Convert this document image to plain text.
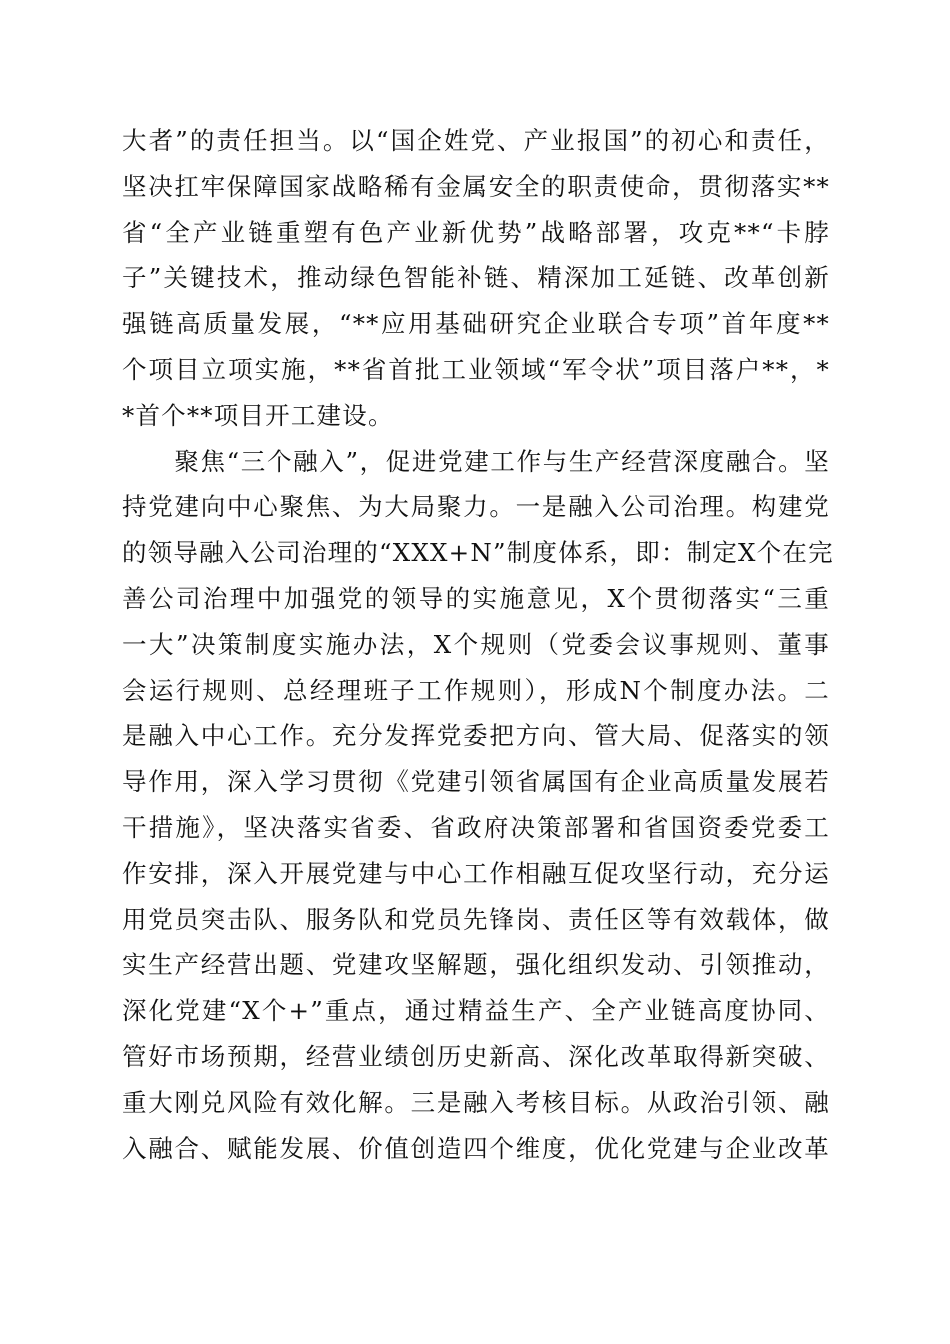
大者”的责任担当。以“国企姓党、产业报国”的初心和责任，
坚决扛牢保障国家战略稀有金属安全的职责使命，贯彻落实**
省“全产业链重塑有色产业新优势”战略部署，攻克**“卡脖
子”关键技术，推动绿色智能补链、精深加工延链、改革创新
强链高质量发展，“**应用基础研究企业联合专项”首年度**
个项目立项实施，**省首批工业领域“军令状”项目落户**，*
*首个**项目开工建设。
　　聚焦“三个融入”，促进党建工作与生产经营深度融合。坚
持党建向中心聚焦、为大局聚力。一是融入公司治理。构建党
的领导融入公司治理的“XXX+N”制度体系，即：制定X个在完
善公司治理中加强党的领导的实施意见，X个贯彻落实“三重
一大”决策制度实施办法，X个规则（党委会议事规则、董事
会运行规则、总经理班子工作规则），形成N个制度办法。二
是融入中心工作。充分发挥党委把方向、管大局、促落实的领
导作用，深入学习贯彻《党建引领省属国有企业高质量发展若
干措施》，坚决落实省委、省政府决策部署和省国资委党委工
作安排，深入开展党建与中心工作相融互促攻坚行动，充分运
用党员突击队、服务队和党员先锋岗、责任区等有效载体，做
实生产经营出题、党建攻坚解题，强化组织发动、引领推动，
深化党建“X个+”重点，通过精益生产、全产业链高度协同、
管好市场预期，经营业绩创历史新高、深化改革取得新突破、
重大刚兑风险有效化解。三是融入考核目标。从政治引领、融
入融合、赋能发展、价值创造四个维度，优化党建与企业改革
